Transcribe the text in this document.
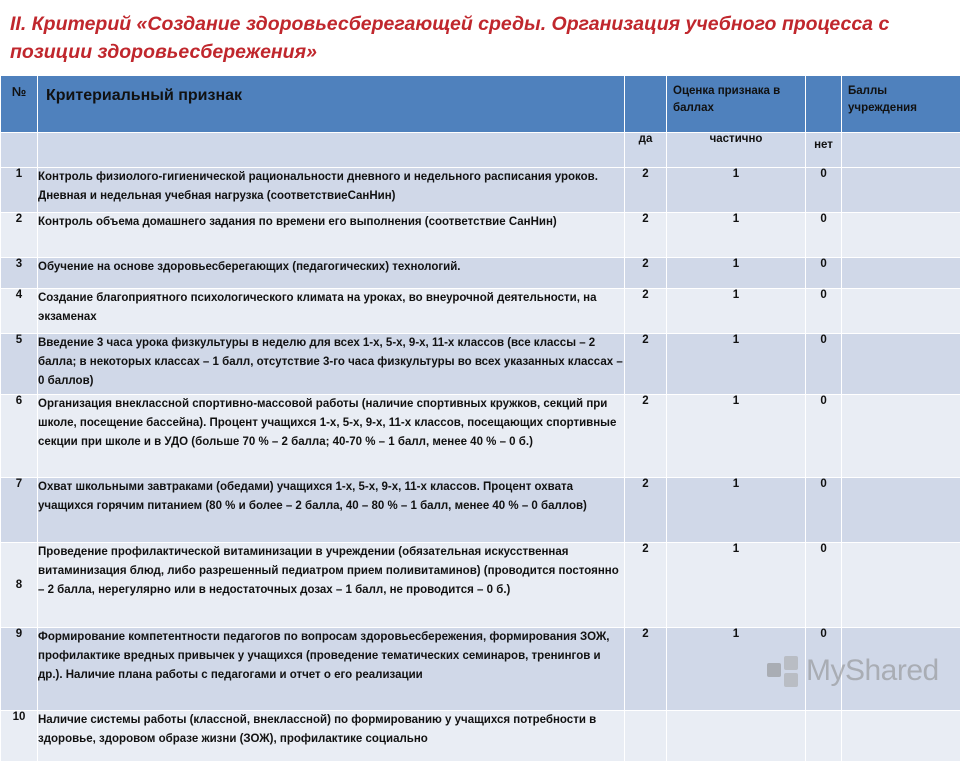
II. Критерий «Создание здоровьесберегающей среды. Организация учебного процесса с позиции здоровьесбережения»
№	Критериальный признак		Оценка признака в баллах		Баллы учреждения
		да	частично	нет	
1	Контроль физиолого-гигиенической рациональности дневного и недельного расписания уроков. Дневная и недельная учебная нагрузка (соответствиеСанНин)	2	1	0	
2	Контроль объема домашнего задания по времени его выполнения (соответствие СанНин)	2	1	0	
3	Обучение на основе здоровьесберегающих (педагогических) технологий.	2	1	0	
4	Создание благоприятного психологического климата на уроках, во внеурочной деятельности, на экзаменах	2	1	0	
5	Введение 3 часа урока физкультуры в неделю для всех 1-х, 5-х, 9-х, 11-х классов (все классы – 2 балла; в некоторых классах – 1 балл, отсутствие 3-го часа физкультуры во всех указанных классах – 0 баллов)	2	1	0	
6	Организация внеклассной спортивно-массовой работы (наличие спортивных кружков, секций при школе, посещение бассейна). Процент учащихся 1-х, 5-х, 9-х, 11-х классов, посещающих спортивные секции при школе и в УДО (больше 70 % – 2 балла; 40-70 % – 1 балл, менее 40 % – 0 б.)	2	1	0	
7	Охват школьными завтраками (обедами) учащихся 1-х, 5-х, 9-х, 11-х классов. Процент охвата учащихся горячим питанием (80 % и более – 2 балла, 40 – 80 % – 1 балл, менее 40 % – 0 баллов)	2	1	0	
8	Проведение профилактической витаминизации в учреждении (обязательная искусственная витаминизация блюд, либо разрешенный педиатром прием поливитаминов) (проводится постоянно – 2 балла, нерегулярно или в недостаточных дозах – 1 балл, не проводится – 0 б.)	2	1	0	
9	Формирование компетентности педагогов по вопросам здоровьесбережения, формирования ЗОЖ, профилактике вредных привычек у учащихся (проведение тематических семинаров, тренингов и др.). Наличие плана работы с педагогами и отчет о его реализации	2	1	0	
10	Наличие системы работы (классной, внеклассной) по формированию у учащихся потребности в здоровье, здоровом образе жизни (ЗОЖ), профилактике социально				
MyShared
